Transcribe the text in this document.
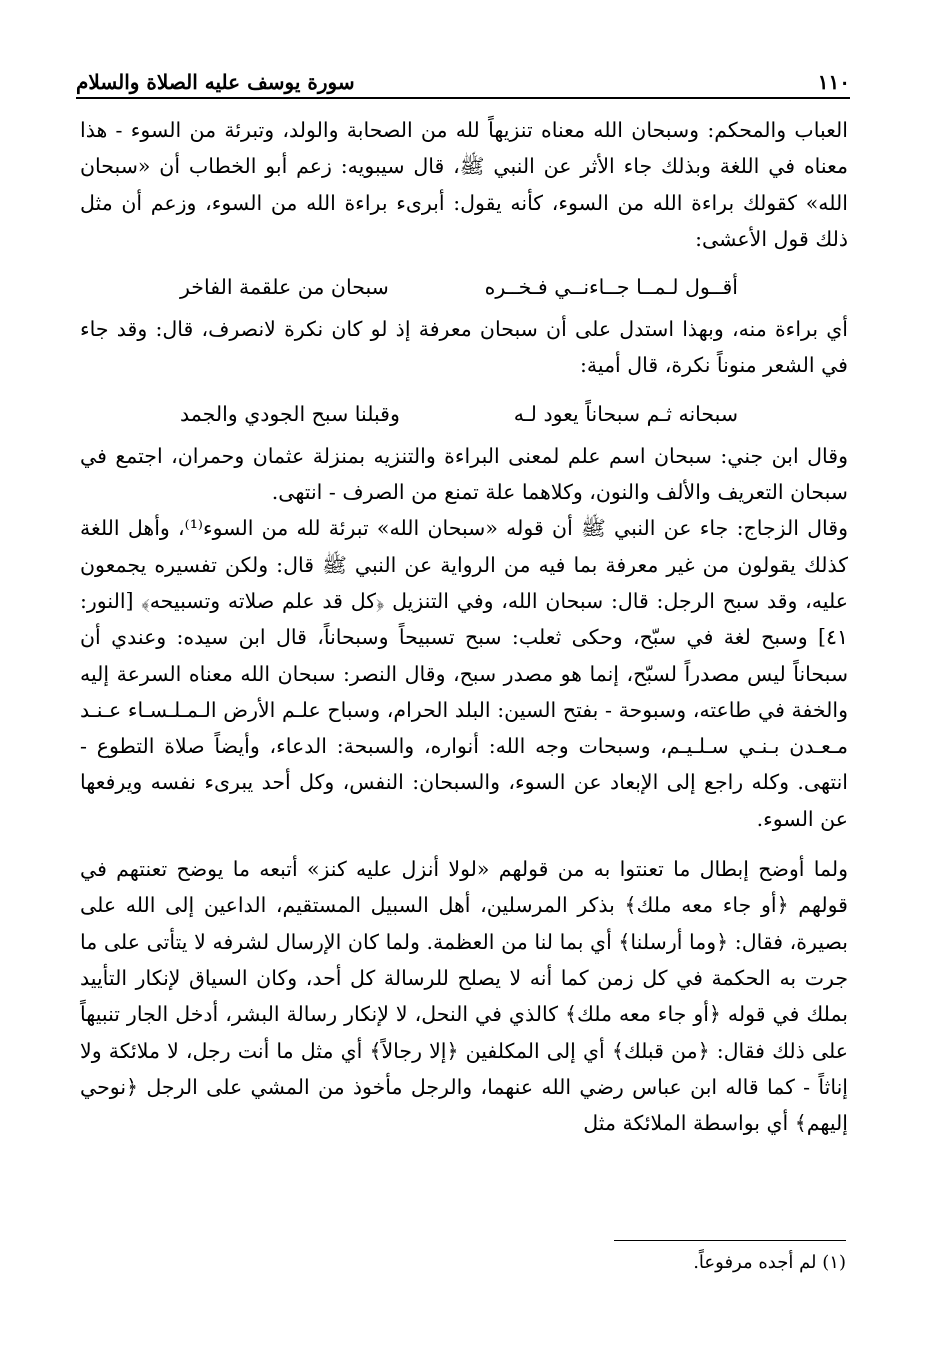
١١٠
سورة يوسف عليه الصلاة والسلام

العباب والمحكم: وسبحان الله معناه تنزيهاً لله من الصحابة والولد، وتبرئة من السوء - هذا معناه في اللغة وبذلك جاء الأثر عن النبي ﷺ، قال سيبويه: زعم أبو الخطاب أن «سبحان الله» كقولك براءة الله من السوء، كأنه يقول: أبرىء براءة الله من السوء، وزعم أن مثل ذلك قول الأعشى:

أقــول لـمــا جــاءنــي فـخــره
سبحان من علقمة الفاخر

أي براءة منه، وبهذا استدل على أن سبحان معرفة إذ لو كان نكرة لانصرف، قال: وقد جاء في الشعر منوناً نكرة، قال أمية:

سبحانه ثـم سبحاناً يعود لـه
وقبلنا سبح الجودي والجمد

وقال ابن جني: سبحان اسم علم لمعنى البراءة والتنزيه بمنزلة عثمان وحمران، اجتمع في سبحان التعريف والألف والنون، وكلاهما علة تمنع من الصرف - انتهى.

وقال الزجاج: جاء عن النبي ﷺ أن قوله «سبحان الله» تبرئة لله من السوء⁽¹⁾، وأهل اللغة كذلك يقولون من غير معرفة بما فيه من الرواية عن النبي ﷺ قال: ولكن تفسيره يجمعون عليه، وقد سبح الرجل: قال: سبحان الله، وفي التنزيل ﴿كل قد علم صلاته وتسبيحه﴾ [النور: ٤١] وسبح لغة في سبّح، وحكى ثعلب: سبح تسبيحاً وسبحاناً، قال ابن سيده: وعندي أن سبحاناً ليس مصدراً لسبّح، إنما هو مصدر سبح، وقال النصر: سبحان الله معناه السرعة إليه والخفة في طاعته، وسبوحة - بفتح السين: البلد الحرام، وسباح علـم الأرض الـمـلـسـاء عـنـد مـعـدن بـنـي سـلـيـم، وسبحات وجه الله: أنواره، والسبحة: الدعاء، وأيضاً صلاة التطوع - انتهى. وكله راجع إلى الإبعاد عن السوء، والسبحان: النفس، وكل أحد يبرىء نفسه ويرفعها عن السوء.

ولما أوضح إبطال ما تعنتوا به من قولهم «لولا أنزل عليه كنز» أتبعه ما يوضح تعنتهم في قولهم ﴿أو جاء معه ملك﴾ بذكر المرسلين، أهل السبيل المستقيم، الداعين إلى الله على بصيرة، فقال: ﴿وما أرسلنا﴾ أي بما لنا من العظمة. ولما كان الإرسال لشرفه لا يتأتى على ما جرت به الحكمة في كل زمن كما أنه لا يصلح للرسالة كل أحد، وكان السياق لإنكار التأييد بملك في قوله ﴿أو جاء معه ملك﴾ كالذي في النحل، لا لإنكار رسالة البشر، أدخل الجار تنبيهاً على ذلك فقال: ﴿من قبلك﴾ أي إلى المكلفين ﴿إلا رجالاً﴾ أي مثل ما أنت رجل، لا ملائكة ولا إناثاً - كما قاله ابن عباس رضي الله عنهما، والرجل مأخوذ من المشي على الرجل ﴿نوحي إليهم﴾ أي بواسطة الملائكة مثل

(١) لم أجده مرفوعاً.
